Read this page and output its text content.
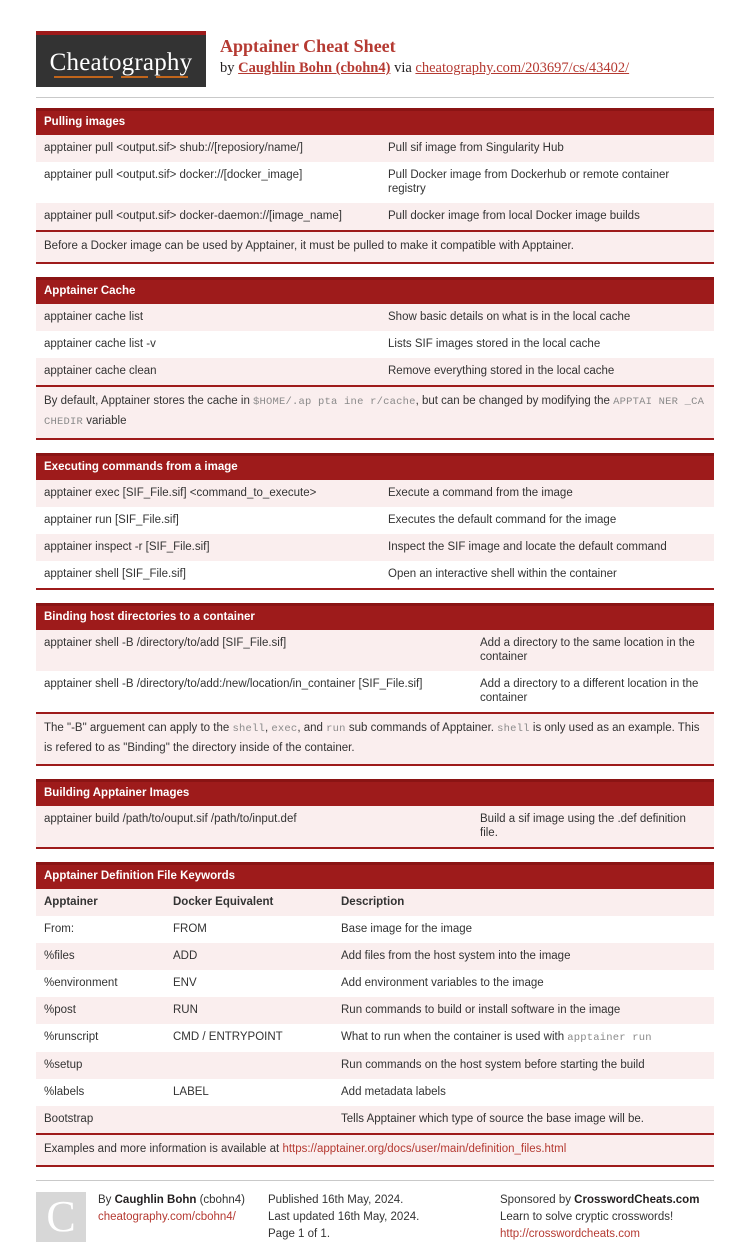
Cheatography
Apptainer Cheat Sheet
by Caughlin Bohn (cbohn4) via cheatography.com/203697/cs/43402/
Pulling images
apptainer pull <output.sif> shub://[reposiory/name/]	Pull sif image from Singularity Hub
apptainer pull <output.sif> docker://[docker_image]	Pull Docker image from Dockerhub or remote container registry
apptainer pull <output.sif> docker-daemon://[image_name]	Pull docker image from local Docker image builds
Before a Docker image can be used by Apptainer, it must be pulled to make it compatible with Apptainer.
Apptainer Cache
apptainer cache list	Show basic details on what is in the local cache
apptainer cache list -v	Lists SIF images stored in the local cache
apptainer cache clean	Remove everything stored in the local cache
By default, Apptainer stores the cache in $HOME/.ap pta ine r/cache, but can be changed by modifying the APPTAI NER _CA CHEDIR variable
Executing commands from a image
apptainer exec [SIF_File.sif] <command_to_execute>	Execute a command from the image
apptainer run [SIF_File.sif]	Executes the default command for the image
apptainer inspect -r [SIF_File.sif]	Inspect the SIF image and locate the default command
apptainer shell [SIF_File.sif]	Open an interactive shell within the container
Binding host directories to a container
apptainer shell -B /directory/to/add [SIF_File.sif]	Add a directory to the same location in the container
apptainer shell -B /directory/to/add:/new/location/in_container [SIF_File.sif]	Add a directory to a different location in the container
The "-B" arguement can apply to the shell, exec, and run sub commands of Apptainer. shell is only used as an example. This is refered to as "Binding" the directory inside of the container.
Building Apptainer Images
apptainer build /path/to/ouput.sif /path/to/input.def	Build a sif image using the .def definition file.
Apptainer Definition File Keywords
Apptainer	Docker Equivalent	Description
From:	FROM	Base image for the image
%files	ADD	Add files from the host system into the image
%environment	ENV	Add environment variables to the image
%post	RUN	Run commands to build or install software in the image
%runscript	CMD / ENTRYPOINT	What to run when the container is used with apptainer run
%setup		Run commands on the host system before starting the build
%labels	LABEL	Add metadata labels
Bootstrap		Tells Apptainer which type of source the base image will be.
Examples and more information is available at https://apptainer.org/docs/user/main/definition_files.html
C	By Caughlin Bohn (cbohn4)
cheatography.com/cbohn4/
Published 16th May, 2024.
Last updated 16th May, 2024.
Page 1 of 1.
Sponsored by CrosswordCheats.com
Learn to solve cryptic crosswords!
http://crosswordcheats.com
